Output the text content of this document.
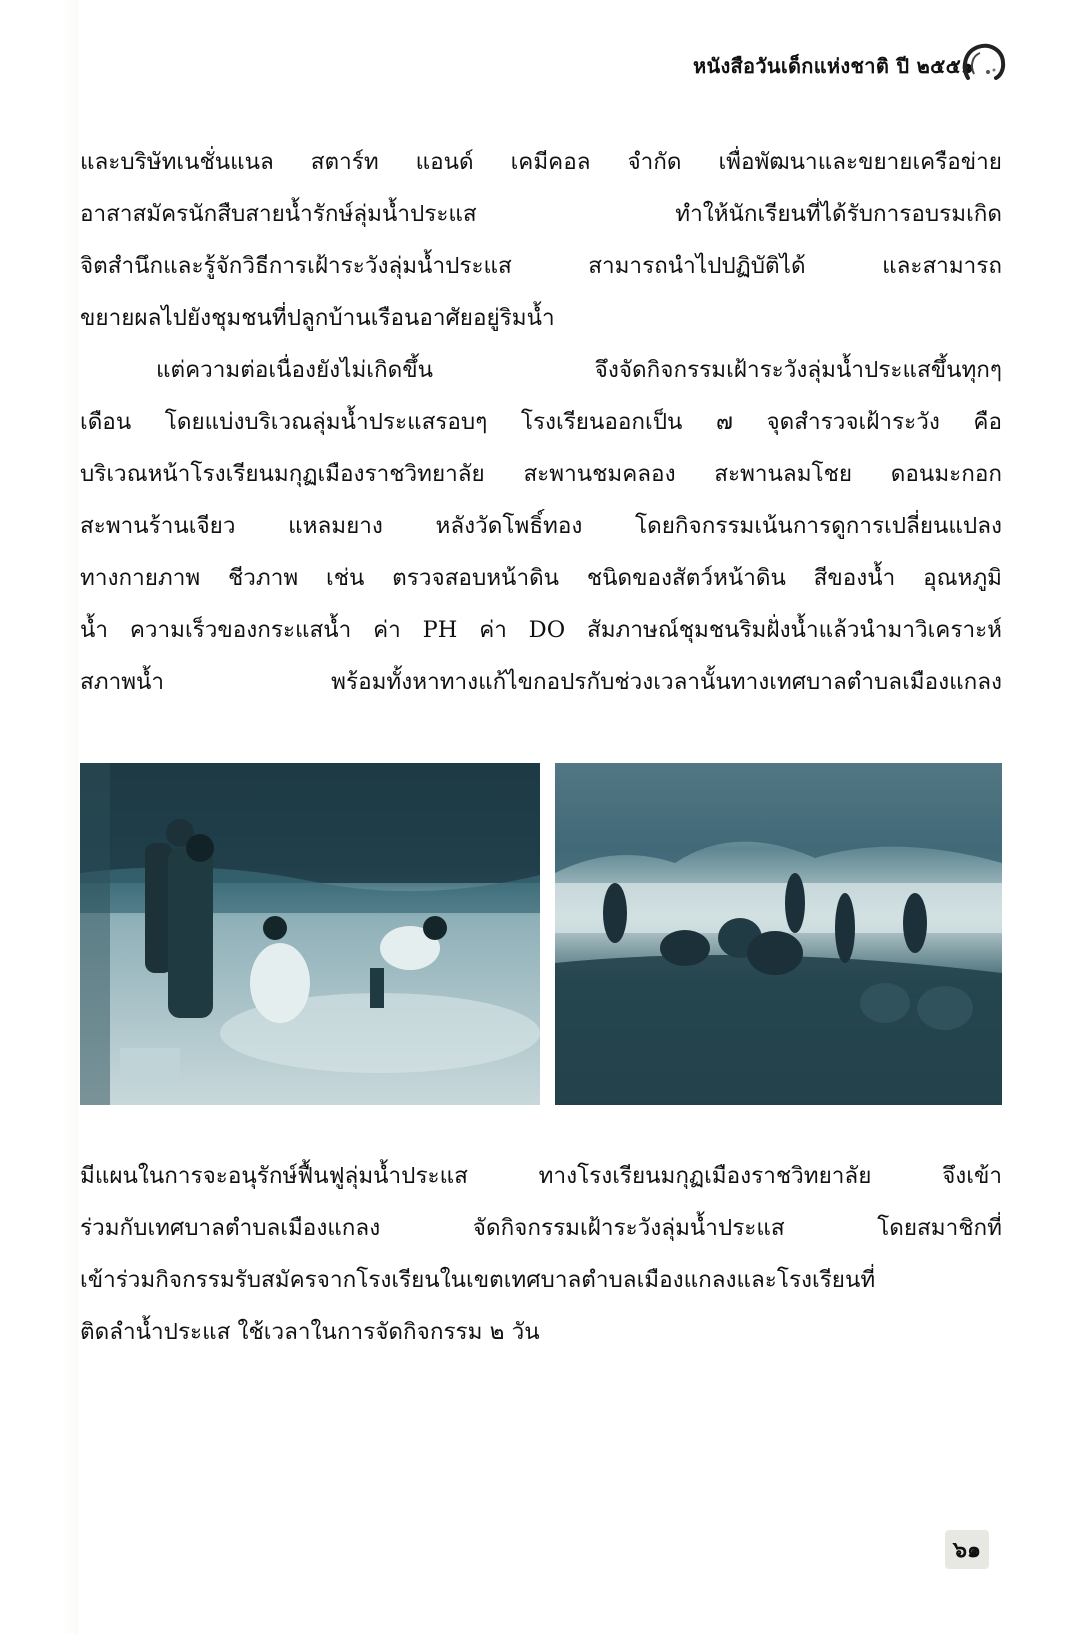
หนังสือวันเด็กแห่งชาติ ปี ๒๕๕๑
และบริษัทเนชั่นแนล สตาร์ท แอนด์ เคมีคอล จำกัด เพื่อพัฒนาและขยายเครือข่าย
อาสาสมัครนักสืบสายน้ำรักษ์ลุ่มน้ำประแส ทำให้นักเรียนที่ได้รับการอบรมเกิด
จิตสำนึกและรู้จักวิธีการเฝ้าระวังลุ่มน้ำประแส สามารถนำไปปฏิบัติได้ และสามารถ
ขยายผลไปยังชุมชนที่ปลูกบ้านเรือนอาศัยอยู่ริมน้ำ
แต่ความต่อเนื่องยังไม่เกิดขึ้น จึงจัดกิจกรรมเฝ้าระวังลุ่มน้ำประแสขึ้นทุกๆ
เดือน โดยแบ่งบริเวณลุ่มน้ำประแสรอบๆ โรงเรียนออกเป็น ๗ จุดสำรวจเฝ้าระวัง คือ
บริเวณหน้าโรงเรียนมกุฏเมืองราชวิทยาลัย สะพานชมคลอง สะพานลมโชย ดอนมะกอก
สะพานร้านเจียว แหลมยาง หลังวัดโพธิ์ทอง โดยกิจกรรมเน้นการดูการเปลี่ยนแปลง
ทางกายภาพ ชีวภาพ เช่น ตรวจสอบหน้าดิน ชนิดของสัตว์หน้าดิน สีของน้ำ อุณหภูมิ
น้ำ ความเร็วของกระแสน้ำ ค่า PH ค่า DO สัมภาษณ์ชุมชนริมฝั่งน้ำแล้วนำมาวิเคราะห์
สภาพน้ำ พร้อมทั้งหาทางแก้ไขกอปรกับช่วงเวลานั้นทางเทศบาลตำบลเมืองแกลง
มีแผนในการจะอนุรักษ์ฟื้นฟูลุ่มน้ำประแส ทางโรงเรียนมกุฏเมืองราชวิทยาลัย จึงเข้า
ร่วมกับเทศบาลตำบลเมืองแกลง จัดกิจกรรมเฝ้าระวังลุ่มน้ำประแส โดยสมาชิกที่
เข้าร่วมกิจกรรมรับสมัครจากโรงเรียนในเขตเทศบาลตำบลเมืองแกลงและโรงเรียนที่
ติดลำน้ำประแส ใช้เวลาในการจัดกิจกรรม ๒ วัน
๖๑
